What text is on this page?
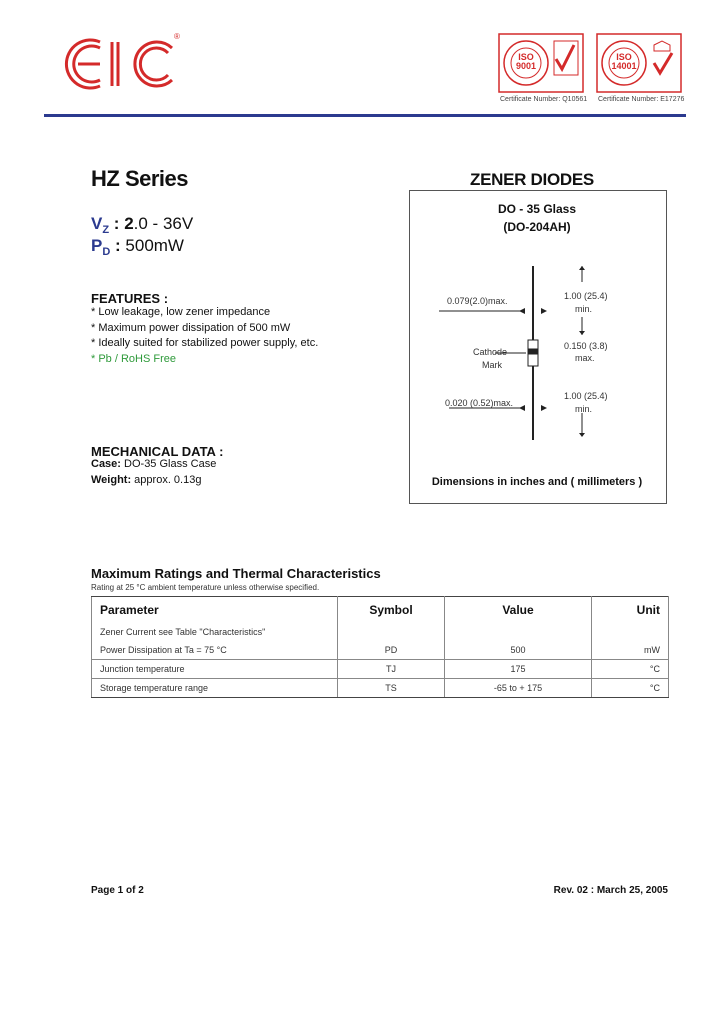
®
ISO 9001
Certificate Number: Q10561
ISO 14001
Certificate Number: E17276
HZ Series	ZENER DIODES
$V_Z$ : 2.0 - 36V
$P_D$ : 500mW
FEATURES :
* Low leakage, low zener impedance
* Maximum power dissipation of 500 mW
* Ideally suited for stabilized power supply, etc.
* Pb / RoHS Free
MECHANICAL DATA :
Case: DO-35 Glass Case
Weight: approx. 0.13g
DO - 35 Glass
(DO-204AH)
0.079(2.0)max.	1.00 (25.4)
min.
0.150 (3.8)
max.
Cathode
Mark
0.020 (0.52)max.
1.00 (25.4)
min.
Dimensions in inches and ( millimeters )
Maximum Ratings and Thermal Characteristics
Rating at 25 °C ambient temperature unless otherwise specified.
Parameter	Symbol	Value	Unit
Zener Current see Table "Characteristics"			
Power Dissipation at Ta = 75 °C	PD	500	mW
Junction temperature	TJ	175	°C
Storage temperature range	TS	-65 to + 175	°C
Page 1 of 2	Rev. 02 : March 25, 2005
